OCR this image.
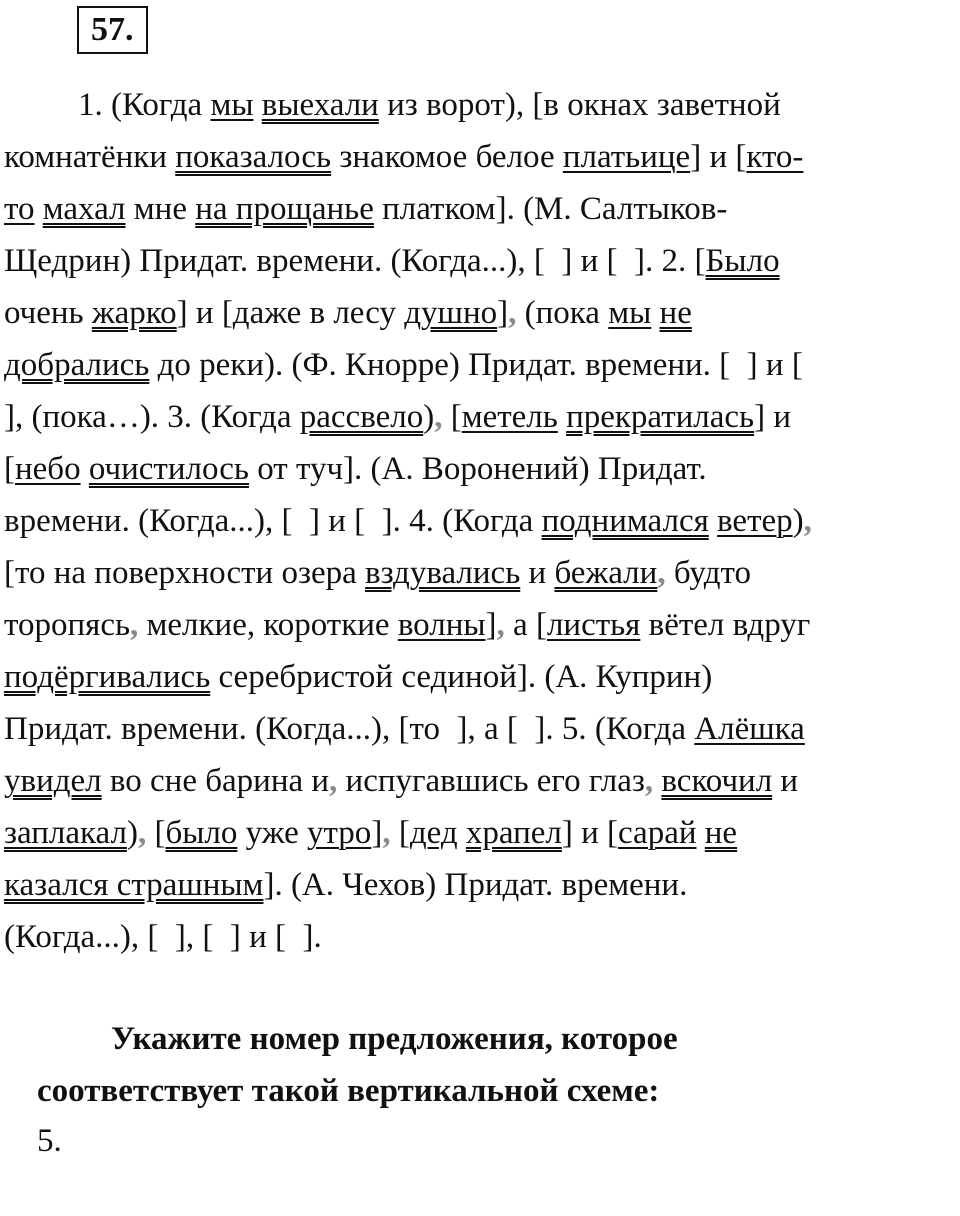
57.
1. (Когда мы выехали из ворот), [в окнах заветной
комнатёнки показалось знакомое белое платьице] и [кто-
то махал мне на прощанье платком]. (М. Салтыков-
Щедрин) Придат. времени. (Когда...), [  ] и [  ]. 2. [Было
очень жарко] и [даже в лесу душно], (пока мы не
добрались до реки). (Ф. Кнорре) Придат. времени. [  ] и [
], (пока…). 3. (Когда рассвело), [метель прекратилась] и
[небо очистилось от туч]. (А. Воронений) Придат.
времени. (Когда...), [  ] и [  ]. 4. (Когда поднимался ветер),
[то на поверхности озера вздувались и бежали, будто
торопясь, мелкие, короткие волны], а [листья вётел вдруг
подёргивались серебристой сединой]. (А. Куприн)
Придат. времени. (Когда...), [то  ], а [  ]. 5. (Когда Алёшка
увидел во сне барина и, испугавшись его глаз, вскочил и
заплакал), [было уже утро], [дед храпел] и [сарай не
казался страшным]. (А. Чехов) Придат. времени.
(Когда...), [  ], [  ] и [  ].

Укажите номер предложения, которое

соответствует такой вертикальной схеме:
5.
